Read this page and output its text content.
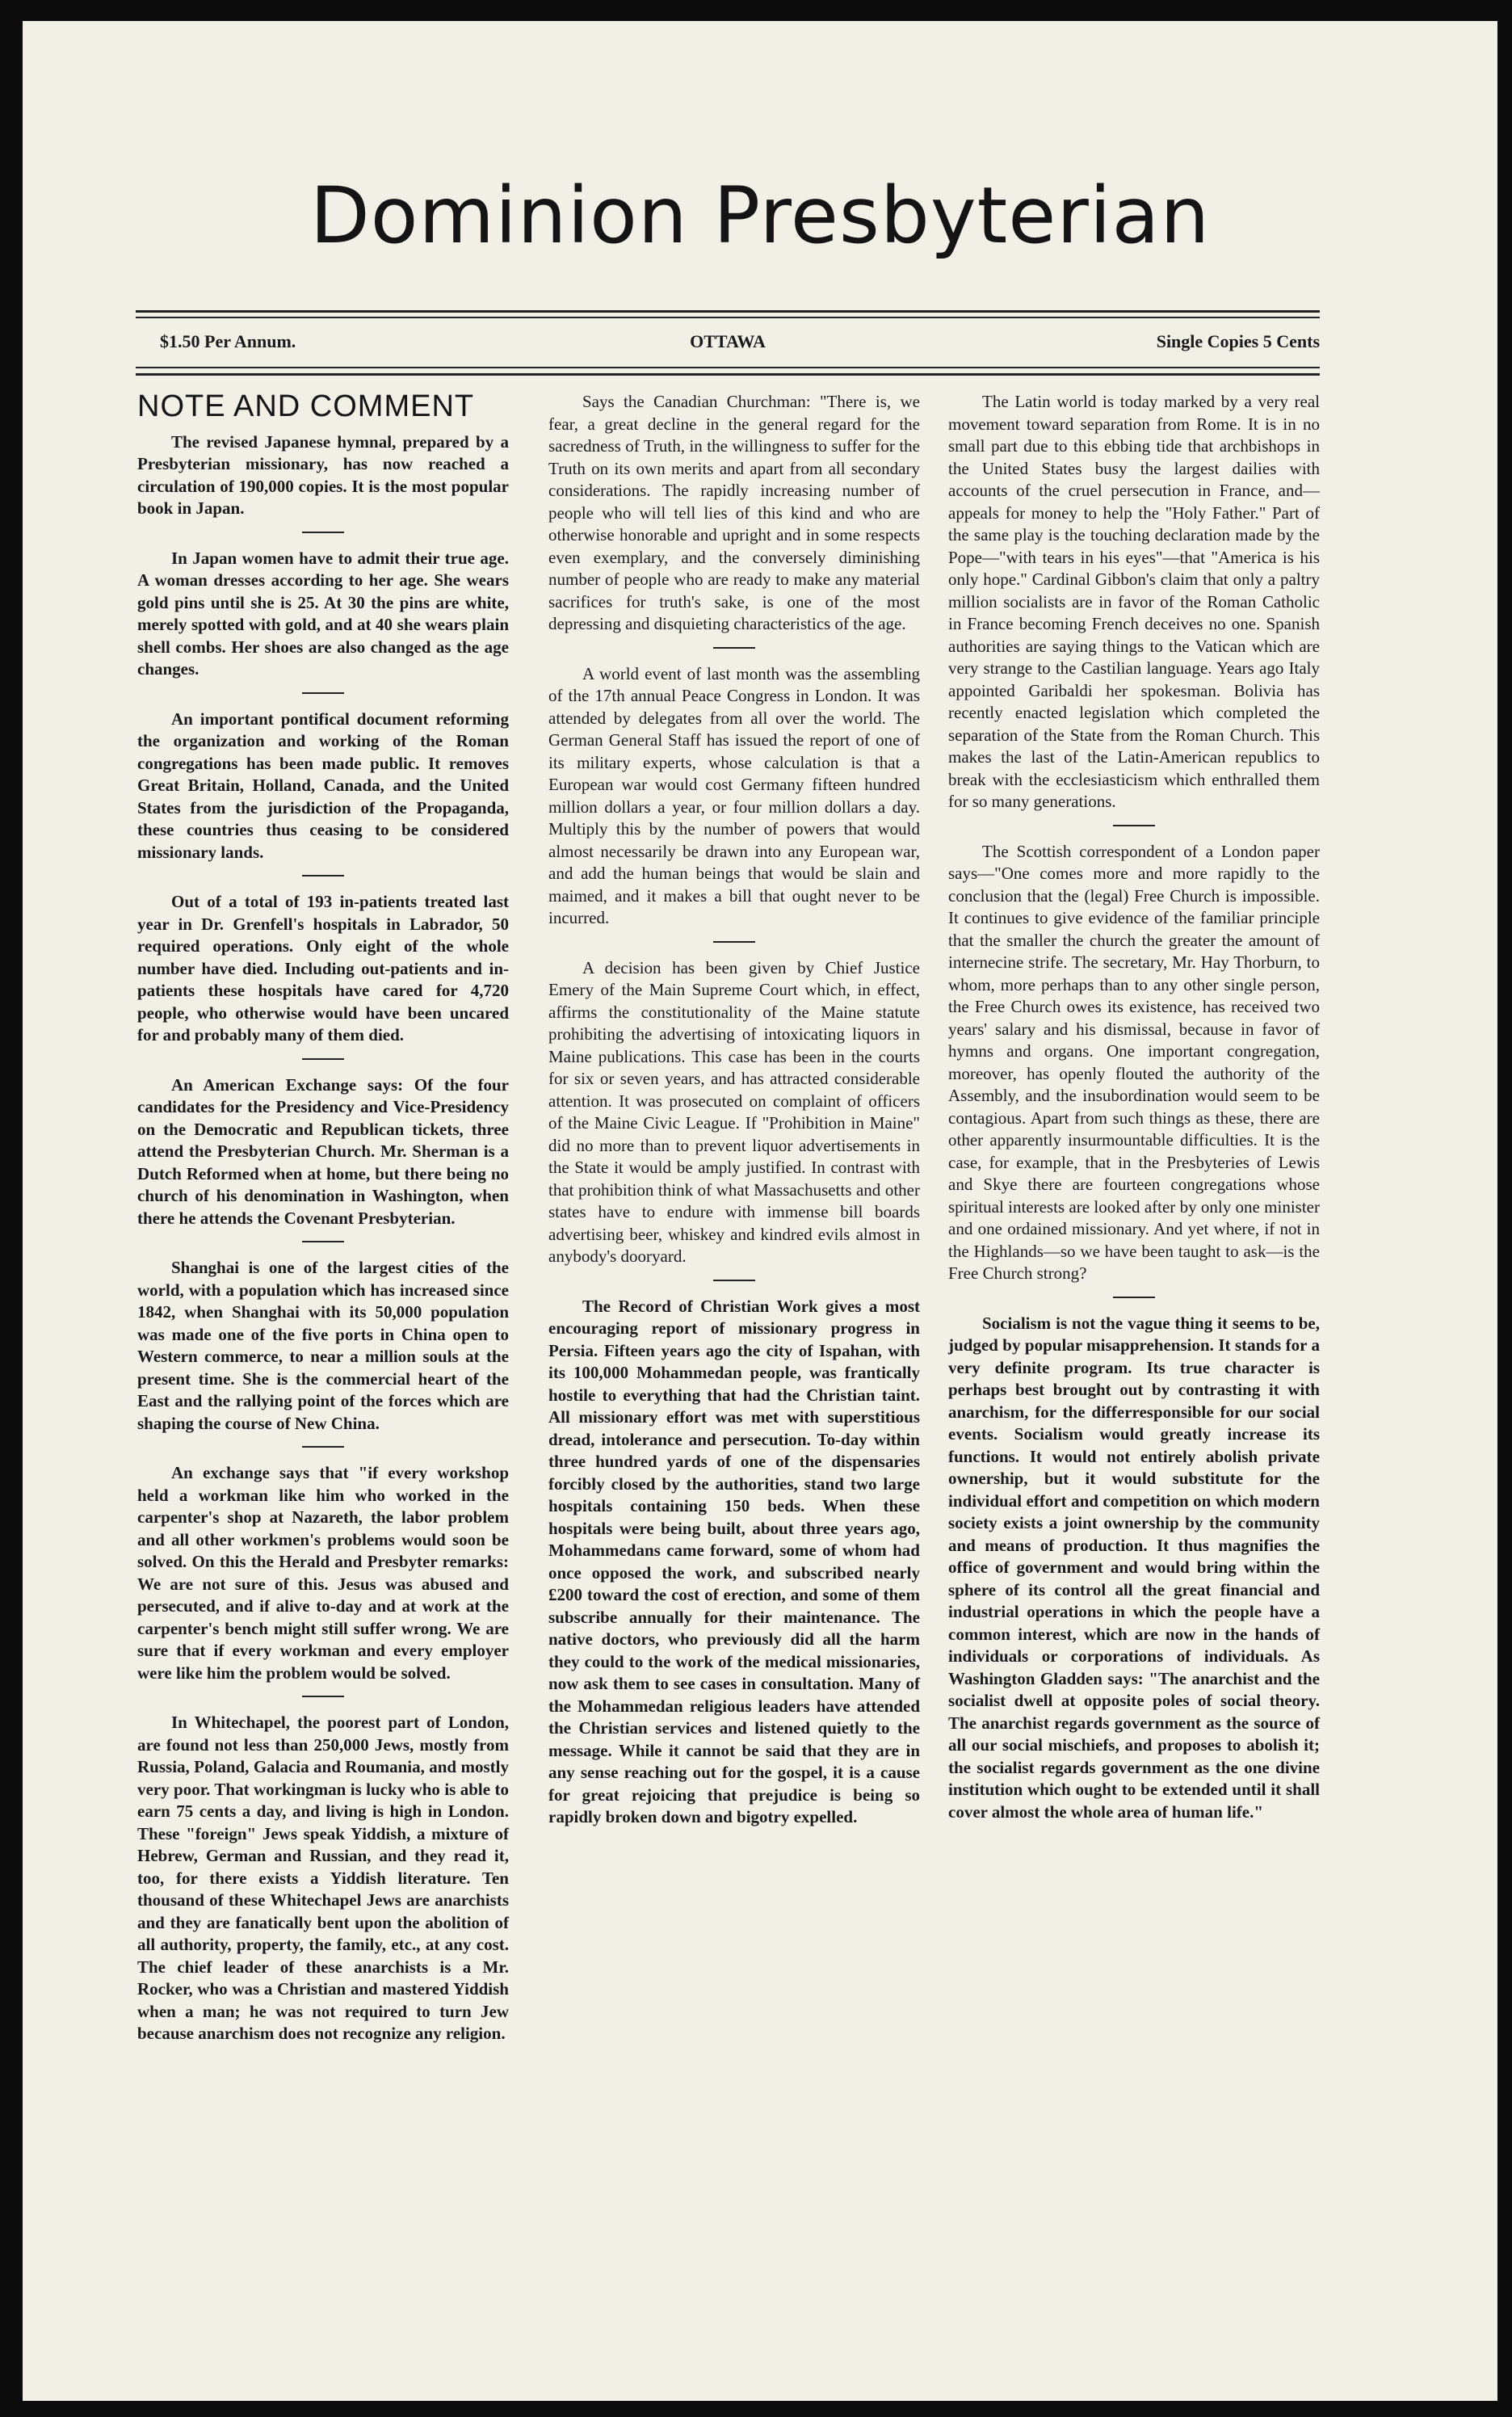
Dominion Presbyterian
$1.50 Per Annum.	OTTAWA	Single Copies 5 Cents
NOTE AND COMMENT

The revised Japanese hymnal, prepared by a Presbyterian missionary, has now reached a circulation of 190,000 copies. It is the most popular book in Japan.

In Japan women have to admit their true age. A woman dresses according to her age. She wears gold pins until she is 25. At 30 the pins are white, merely spotted with gold, and at 40 she wears plain shell combs. Her shoes are also changed as the age changes.

An important pontifical document reforming the organization and working of the Roman congregations has been made public. It removes Great Britain, Holland, Canada, and the United States from the jurisdiction of the Propaganda, these countries thus ceasing to be considered missionary lands.

Out of a total of 193 in-patients treated last year in Dr. Grenfell's hospitals in Labrador, 50 required operations. Only eight of the whole number have died. Including out-patients and in-patients these hospitals have cared for 4,720 people, who otherwise would have been uncared for and probably many of them died.

An American Exchange says: Of the four candidates for the Presidency and Vice-Presidency on the Democratic and Republican tickets, three attend the Presbyterian Church. Mr. Sherman is a Dutch Reformed when at home, but there being no church of his denomination in Washington, when there he attends the Covenant Presbyterian.

Shanghai is one of the largest cities of the world, with a population which has increased since 1842, when Shanghai with its 50,000 population was made one of the five ports in China open to Western commerce, to near a million souls at the present time. She is the commercial heart of the East and the rallying point of the forces which are shaping the course of New China.

An exchange says that "if every workshop held a workman like him who worked in the carpenter's shop at Nazareth, the labor problem and all other workmen's problems would soon be solved. On this the Herald and Presbyter remarks: We are not sure of this. Jesus was abused and persecuted, and if alive to-day and at work at the carpenter's bench might still suffer wrong. We are sure that if every workman and every employer were like him the problem would be solved.

In Whitechapel, the poorest part of London, are found not less than 250,000 Jews, mostly from Russia, Poland, Galacia and Roumania, and mostly very poor. That workingman is lucky who is able to earn 75 cents a day, and living is high in London. These "foreign" Jews speak Yiddish, a mixture of Hebrew, German and Russian, and they read it, too, for there exists a Yiddish literature. Ten thousand of these Whitechapel Jews are anarchists and they are fanatically bent upon the abolition of all authority, property, the family, etc., at any cost. The chief leader of these anarchists is a Mr. Rocker, who was a Christian and mastered Yiddish when a man; he was not required to turn Jew because anarchism does not recognize any religion.

Says the Canadian Churchman: "There is, we fear, a great decline in the general regard for the sacredness of Truth, in the willingness to suffer for the Truth on its own merits and apart from all secondary considerations. The rapidly increasing number of people who will tell lies of this kind and who are otherwise honorable and upright and in some respects even exemplary, and the conversely diminishing number of people who are ready to make any material sacrifices for truth's sake, is one of the most depressing and disquieting characteristics of the age.

A world event of last month was the assembling of the 17th annual Peace Congress in London. It was attended by delegates from all over the world. The German General Staff has issued the report of one of its military experts, whose calculation is that a European war would cost Germany fifteen hundred million dollars a year, or four million dollars a day. Multiply this by the number of powers that would almost necessarily be drawn into any European war, and add the human beings that would be slain and maimed, and it makes a bill that ought never to be incurred.

A decision has been given by Chief Justice Emery of the Main Supreme Court which, in effect, affirms the constitutionality of the Maine statute prohibiting the advertising of intoxicating liquors in Maine publications. This case has been in the courts for six or seven years, and has attracted considerable attention. It was prosecuted on complaint of officers of the Maine Civic League. If "Prohibition in Maine" did no more than to prevent liquor advertisements in the State it would be amply justified. In contrast with that prohibition think of what Massachusetts and other states have to endure with immense bill boards advertising beer, whiskey and kindred evils almost in anybody's dooryard.

The Record of Christian Work gives a most encouraging report of missionary progress in Persia. Fifteen years ago the city of Ispahan, with its 100,000 Mohammedan people, was frantically hostile to everything that had the Christian taint. All missionary effort was met with superstitious dread, intolerance and persecution. To-day within three hundred yards of one of the dispensaries forcibly closed by the authorities, stand two large hospitals containing 150 beds. When these hospitals were being built, about three years ago, Mohammedans came forward, some of whom had once opposed the work, and subscribed nearly £200 toward the cost of erection, and some of them subscribe annually for their maintenance. The native doctors, who previously did all the harm they could to the work of the medical missionaries, now ask them to see cases in consultation. Many of the Mohammedan religious leaders have attended the Christian services and listened quietly to the message. While it cannot be said that they are in any sense reaching out for the gospel, it is a cause for great rejoicing that prejudice is being so rapidly broken down and bigotry expelled.

The Latin world is today marked by a very real movement toward separation from Rome. It is in no small part due to this ebbing tide that archbishops in the United States busy the largest dailies with accounts of the cruel persecution in France, and—appeals for money to help the "Holy Father." Part of the same play is the touching declaration made by the Pope—"with tears in his eyes"—that "America is his only hope." Cardinal Gibbon's claim that only a paltry million socialists are in favor of the Roman Catholic in France becoming French deceives no one. Spanish authorities are saying things to the Vatican which are very strange to the Castilian language. Years ago Italy appointed Garibaldi her spokesman. Bolivia has recently enacted legislation which completed the separation of the State from the Roman Church. This makes the last of the Latin-American republics to break with the ecclesiasticism which enthralled them for so many generations.

The Scottish correspondent of a London paper says—"One comes more and more rapidly to the conclusion that the (legal) Free Church is impossible. It continues to give evidence of the familiar principle that the smaller the church the greater the amount of internecine strife. The secretary, Mr. Hay Thorburn, to whom, more perhaps than to any other single person, the Free Church owes its existence, has received two years' salary and his dismissal, because in favor of hymns and organs. One important congregation, moreover, has openly flouted the authority of the Assembly, and the insubordination would seem to be contagious. Apart from such things as these, there are other apparently insurmountable difficulties. It is the case, for example, that in the Presbyteries of Lewis and Skye there are fourteen congregations whose spiritual interests are looked after by only one minister and one ordained missionary. And yet where, if not in the Highlands—so we have been taught to ask—is the Free Church strong?

Socialism is not the vague thing it seems to be, judged by popular misapprehension. It stands for a very definite program. Its true character is perhaps best brought out by contrasting it with anarchism, for the differresponsible for our social events. Socialism would greatly increase its functions. It would not entirely abolish private ownership, but it would substitute for the individual effort and competition on which modern society exists a joint ownership by the community and means of production. It thus magnifies the office of government and would bring within the sphere of its control all the great financial and industrial operations in which the people have a common interest, which are now in the hands of individuals or corporations of individuals. As Washington Gladden says: "The anarchist and the socialist dwell at opposite poles of social theory. The anarchist regards government as the source of all our social mischiefs, and proposes to abolish it; the socialist regards government as the one divine institution which ought to be extended until it shall cover almost the whole area of human life."
